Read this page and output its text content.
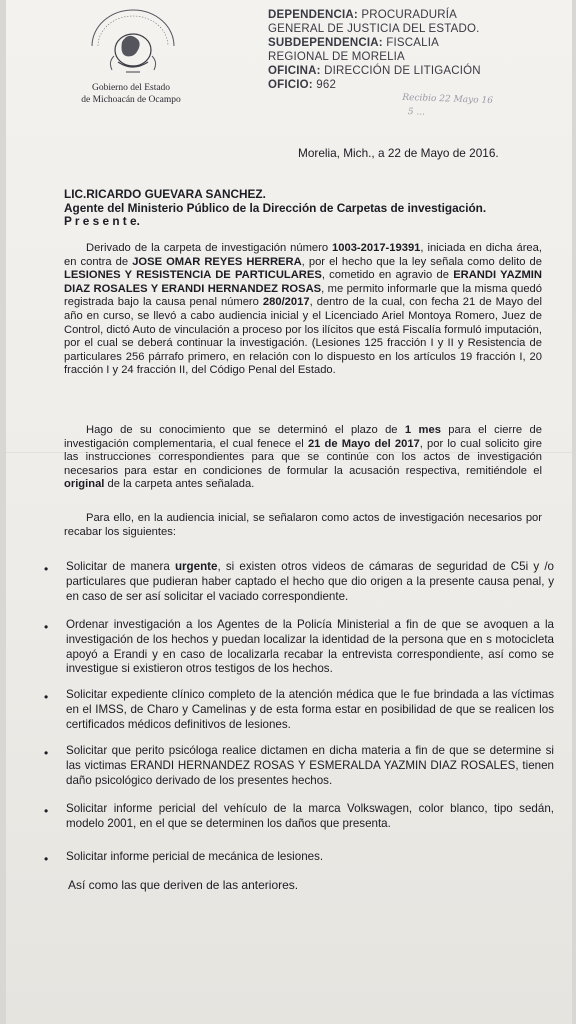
Gobierno del Estado
de Michoacán de Ocampo
DEPENDENCIA: PROCURADURÍA
GENERAL DE JUSTICIA DEL ESTADO.
SUBDEPENDENCIA: FISCALIA
REGIONAL DE MORELIA
OFICINA: DIRECCIÓN DE LITIGACIÓN
OFICIO: 962
Recibio 22 Mayo 16
5 ...
Morelia, Mich., a 22 de Mayo de 2016.
LIC.RICARDO GUEVARA SANCHEZ.
Agente del Ministerio Público de la Dirección de Carpetas de investigación.
P r e s e n t e.

Derivado de la carpeta de investigación número 1003-2017-19391, iniciada en dicha área, en contra de JOSE OMAR REYES HERRERA, por el hecho que la ley señala como delito de LESIONES Y RESISTENCIA DE PARTICULARES, cometido en agravio de ERANDI YAZMIN DIAZ ROSALES Y ERANDI HERNANDEZ ROSAS, me permito informarle que la misma quedó registrada bajo la causa penal número 280/2017, dentro de la cual, con fecha 21 de Mayo del año en curso, se llevó a cabo audiencia inicial y el Licenciado Ariel Montoya Romero, Juez de Control, dictó Auto de vinculación a proceso por los ilícitos que está Fiscalía formuló imputación, por el cual se deberá continuar la investigación. (Lesiones 125 fracción I y II y Resistencia de particulares 256 párrafo primero, en relación con lo dispuesto en los artículos 19 fracción I, 20 fracción I y 24 fracción II, del Código Penal del Estado.

Hago de su conocimiento que se determinó el plazo de 1 mes para el cierre de investigación complementaria, el cual fenece el 21 de Mayo del 2017, por lo cual solicito gire las instrucciones correspondientes para que se continúe con los actos de investigación necesarios para estar en condiciones de formular la acusación respectiva, remitiéndole el original de la carpeta antes señalada.

Para ello, en la audiencia inicial, se señalaron como actos de investigación necesarios por recabar los siguientes:

• Solicitar de manera urgente, si existen otros videos de cámaras de seguridad de C5i y /o particulares que pudieran haber captado el hecho que dio origen a la presente causa penal, y en caso de ser así solicitar el vaciado correspondiente.
• Ordenar investigación a los Agentes de la Policía Ministerial a fin de que se avoquen a la investigación de los hechos y puedan localizar la identidad de la persona que en s motocicleta apoyó a Erandi y en caso de localizarla recabar la entrevista correspondiente, así como se investigue si existieron otros testigos de los hechos.
• Solicitar expediente clínico completo de la atención médica que le fue brindada a las víctimas en el IMSS, de Charo y Camelinas y de esta forma estar en posibilidad de que se realicen los certificados médicos definitivos de lesiones.
• Solicitar que perito psicóloga realice dictamen en dicha materia a fin de que se determine si las victimas ERANDI HERNANDEZ ROSAS Y ESMERALDA YAZMIN DIAZ ROSALES, tienen daño psicológico derivado de los presentes hechos.
• Solicitar informe pericial del vehículo de la marca Volkswagen, color blanco, tipo sedán, modelo 2001, en el que se determinen los daños que presenta.
• Solicitar informe pericial de mecánica de lesiones.
Así como las que deriven de las anteriores.
